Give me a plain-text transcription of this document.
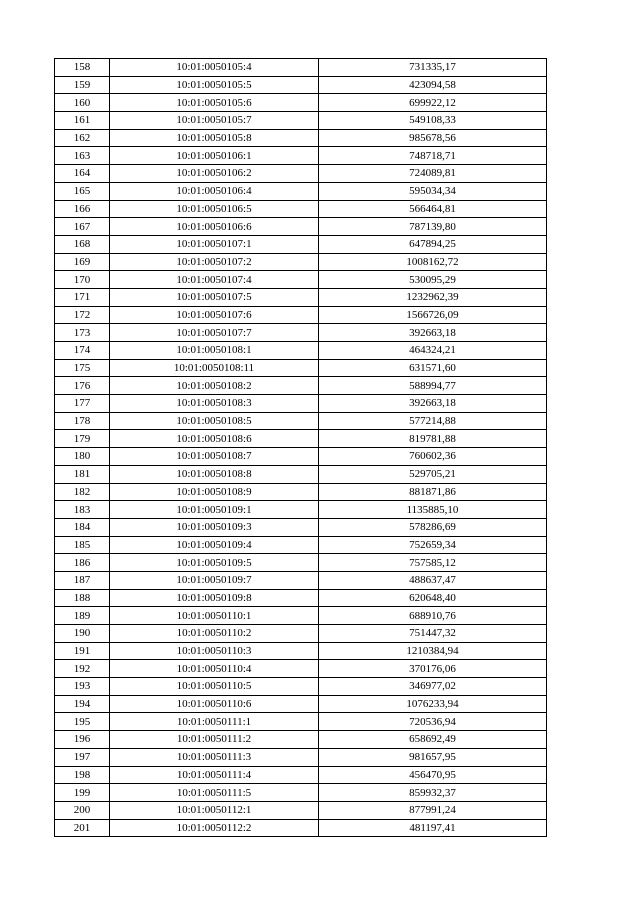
158	10:01:0050105:4	731335,17
159	10:01:0050105:5	423094,58
160	10:01:0050105:6	699922,12
161	10:01:0050105:7	549108,33
162	10:01:0050105:8	985678,56
163	10:01:0050106:1	748718,71
164	10:01:0050106:2	724089,81
165	10:01:0050106:4	595034,34
166	10:01:0050106:5	566464,81
167	10:01:0050106:6	787139,80
168	10:01:0050107:1	647894,25
169	10:01:0050107:2	1008162,72
170	10:01:0050107:4	530095,29
171	10:01:0050107:5	1232962,39
172	10:01:0050107:6	1566726,09
173	10:01:0050107:7	392663,18
174	10:01:0050108:1	464324,21
175	10:01:0050108:11	631571,60
176	10:01:0050108:2	588994,77
177	10:01:0050108:3	392663,18
178	10:01:0050108:5	577214,88
179	10:01:0050108:6	819781,88
180	10:01:0050108:7	760602,36
181	10:01:0050108:8	529705,21
182	10:01:0050108:9	881871,86
183	10:01:0050109:1	1135885,10
184	10:01:0050109:3	578286,69
185	10:01:0050109:4	752659,34
186	10:01:0050109:5	757585,12
187	10:01:0050109:7	488637,47
188	10:01:0050109:8	620648,40
189	10:01:0050110:1	688910,76
190	10:01:0050110:2	751447,32
191	10:01:0050110:3	1210384,94
192	10:01:0050110:4	370176,06
193	10:01:0050110:5	346977,02
194	10:01:0050110:6	1076233,94
195	10:01:0050111:1	720536,94
196	10:01:0050111:2	658692,49
197	10:01:0050111:3	981657,95
198	10:01:0050111:4	456470,95
199	10:01:0050111:5	859932,37
200	10:01:0050112:1	877991,24
201	10:01:0050112:2	481197,41
